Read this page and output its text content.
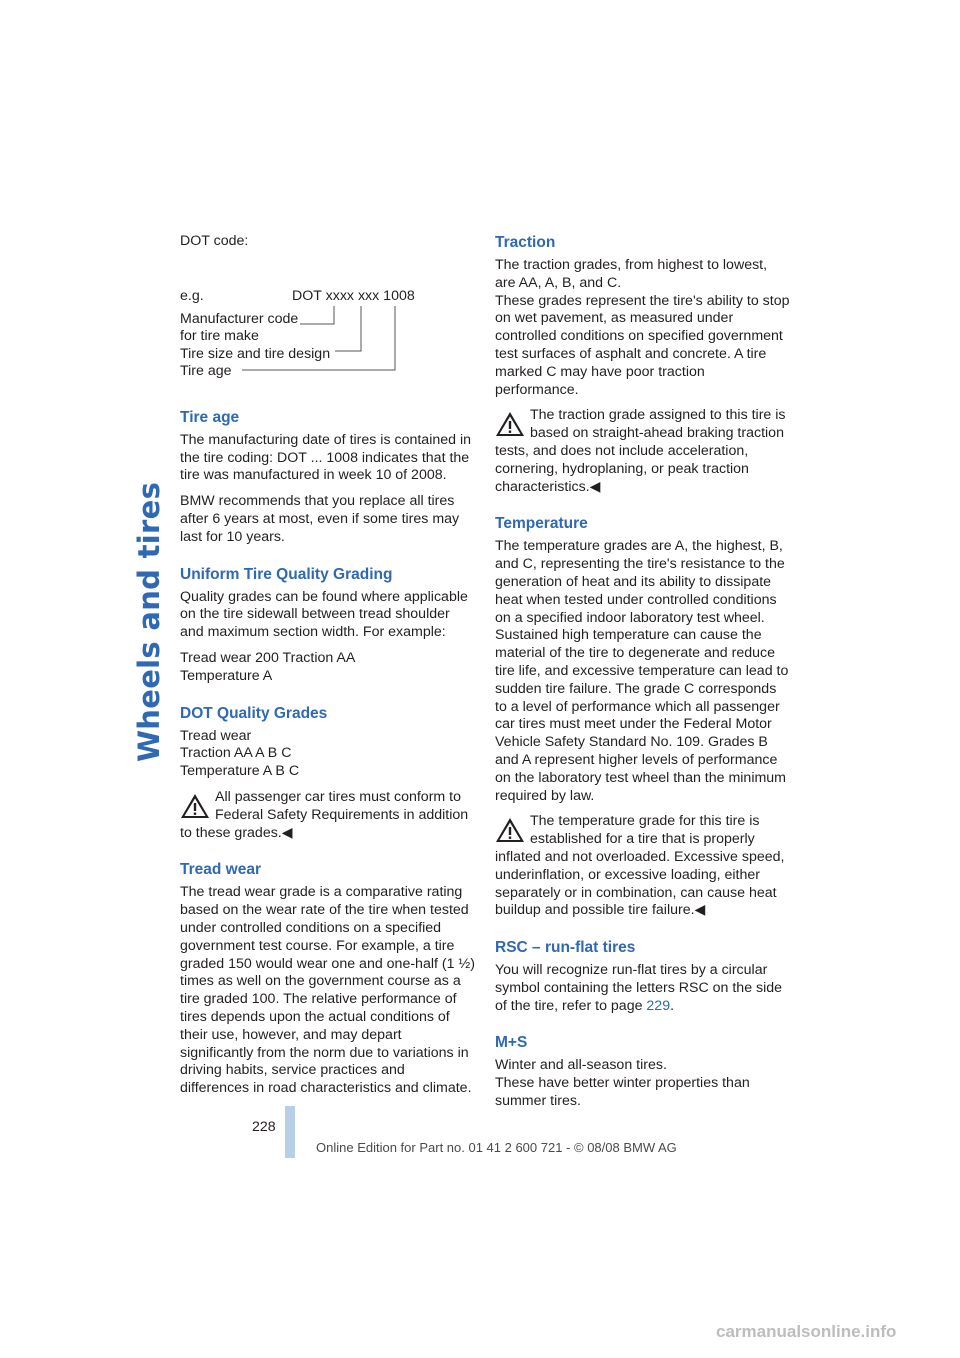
Wheels and tires

DOT code:

e.g.	DOT xxxx xxx 1008
Manufacturer code
for tire make
Tire size and tire design
Tire age
Tire age

The manufacturing date of tires is contained in the tire coding: DOT ... 1008 indicates that the tire was manufactured in week 10 of 2008.

BMW recommends that you replace all tires after 6 years at most, even if some tires may last for 10 years.

Uniform Tire Quality Grading

Quality grades can be found where applicable on the tire sidewall between tread shoulder and maximum section width. For example:

Tread wear 200 Traction AA

Temperature A

DOT Quality Grades

Tread wear

Traction AA A B C

Temperature A B C

All passenger car tires must conform to Federal Safety Requirements in addition
to these grades.◀
Tread wear

The tread wear grade is a comparative rating based on the wear rate of the tire when tested under controlled conditions on a specified government test course. For example, a tire graded 150 would wear one and one-half (1 ½) times as well on the government course as a tire graded 100. The relative performance of tires depends upon the actual conditions of their use, however, and may depart significantly from the norm due to variations in driving habits, service practices and differences in road characteristics and climate.

Traction

The traction grades, from highest to lowest, are AA, A, B, and C.

These grades represent the tire's ability to stop on wet pavement, as measured under controlled conditions on specified government test surfaces of asphalt and concrete. A tire marked C may have poor traction performance.

The traction grade assigned to this tire is based on straight-ahead braking traction
tests, and does not include acceleration, cornering, hydroplaning, or peak traction characteristics.◀
Temperature

The temperature grades are A, the highest, B, and C, representing the tire's resistance to the generation of heat and its ability to dissipate heat when tested under controlled conditions on a specified indoor laboratory test wheel. Sustained high temperature can cause the material of the tire to degenerate and reduce tire life, and excessive temperature can lead to sudden tire failure. The grade C corresponds to a level of performance which all passenger car tires must meet under the Federal Motor Vehicle Safety Standard No. 109. Grades B and A represent higher levels of performance on the laboratory test wheel than the minimum required by law.

The temperature grade for this tire is established for a tire that is properly
inflated and not overloaded. Excessive speed, underinflation, or excessive loading, either separately or in combination, can cause heat buildup and possible tire failure.◀
RSC – run-flat tires

You will recognize run-flat tires by a circular symbol containing the letters RSC on the side of the tire, refer to page 229.

M+S

Winter and all-season tires.

These have better winter properties than summer tires.

228
Online Edition for Part no. 01 41 2 600 721 - © 08/08 BMW AG
carmanualsonline.info
